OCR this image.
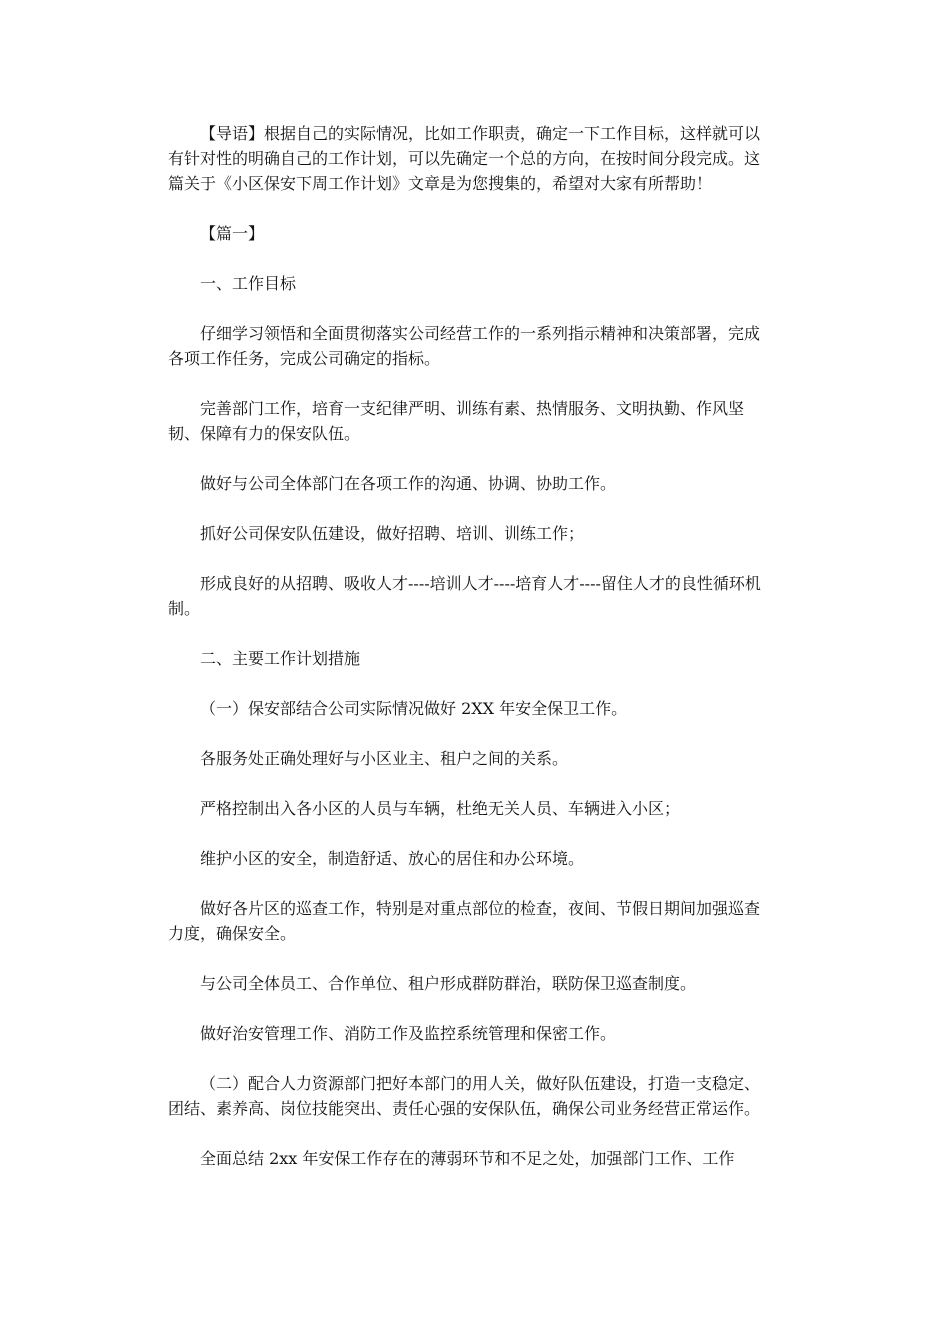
【导语】根据自己的实际情况，比如工作职责，确定一下工作目标，这样就可以有针对性的明确自己的工作计划，可以先确定一个总的方向，在按时间分段完成。这篇关于《小区保安下周工作计划》文章是为您搜集的，希望对大家有所帮助！

【篇一】

一、工作目标

仔细学习领悟和全面贯彻落实公司经营工作的一系列指示精神和决策部署，完成各项工作任务，完成公司确定的指标。

完善部门工作，培育一支纪律严明、训练有素、热情服务、文明执勤、作风坚韧、保障有力的保安队伍。

做好与公司全体部门在各项工作的沟通、协调、协助工作。

抓好公司保安队伍建设，做好招聘、培训、训练工作；

形成良好的从招聘、吸收人才----培训人才----培育人才----留住人才的良性循环机制。

二、主要工作计划措施

（一）保安部结合公司实际情况做好 2XX 年安全保卫工作。

各服务处正确处理好与小区业主、租户之间的关系。

严格控制出入各小区的人员与车辆，杜绝无关人员、车辆进入小区；

维护小区的安全，制造舒适、放心的居住和办公环境。

做好各片区的巡查工作，特别是对重点部位的检查，夜间、节假日期间加强巡查力度，确保安全。

与公司全体员工、合作单位、租户形成群防群治，联防保卫巡查制度。

做好治安管理工作、消防工作及监控系统管理和保密工作。

（二）配合人力资源部门把好本部门的用人关，做好队伍建设，打造一支稳定、团结、素养高、岗位技能突出、责任心强的安保队伍，确保公司业务经营正常运作。

全面总结 2xx 年安保工作存在的薄弱环节和不足之处，加强部门工作、工作
